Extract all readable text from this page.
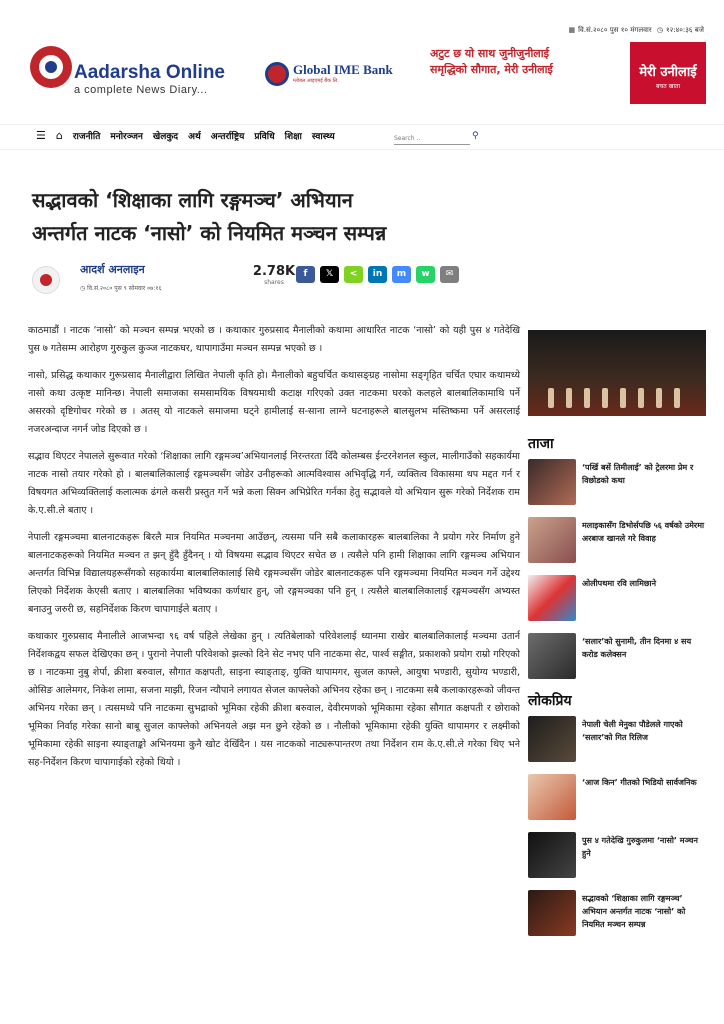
▦ वि.सं.२०८० पुस १० मंगलवार ◷ १२:४०:३६ बजे
Aadarsha Online
a complete News Diary...
Global IME Bank
ग्लोबल आइएमई बैंक लि.
अटुट छ यो साथ जुनीजुनीलाई
समृद्धिको सौगात, मेरी उनीलाई	मेरी उनीलाई
बचत खाता
☰ ⌂ राजनीति मनोरञ्जन खेलकुद अर्थ अन्तर्राष्ट्रिय प्रविधि शिक्षा स्वास्थ्य	Search ..	⚲
सद्भावको ‘शिक्षाका लागि रङ्गमञ्च’ अभियान
अन्तर्गत नाटक ‘नासो’ को नियमित मञ्चन सम्पन्न
आदर्श अनलाइन
◷ वि.सं.२०८० पुस ९ सोमवार ०७:१६
2.78K
shares
f	𝕏	<	in	m	w	✉

काठमाडौं । नाटक ‘नासो’ को मञ्चन सम्पन्न भएको छ । कथाकार गुरुप्रसाद मैनालीको कथामा आधारित नाटक ‘नासो’ को यही पुस ४ गतेदेखि पुस ७ गतेसम्म आरोहण गुरुकुल कुञ्ज नाटकघर, थापागाउँमा मञ्चन सम्पन्न भएको छ ।

नासो, प्रसिद्ध कथाकार गुरूप्रसाद मैनालीद्वारा लिखित नेपाली कृति हो। मैनालीको बहुचर्चित कथासङ्ग्रह नासोमा सङ्गृहित चर्चित एघार कथामध्ये नासो कथा उत्कृष्ट मानिन्छ। नेपाली समाजका समसामयिक विषयमाथी कटाक्ष गरिएको उक्त नाटकमा घरको कलहले बालबालिकामाथि पर्ने असरको दृष्टिगोचर गरेको छ । अतस् यो नाटकले समाजमा घट्ने हामीलाई स-साना लाग्ने घटनाहरूले बालसुलभ मस्तिष्कमा पर्ने असरलाई नजरअन्दाज नगर्न जोड दिएको छ ।

सद्भाव थिएटर नेपालले सुरूवात गरेको ‘शिक्षाका लागि रङ्गमञ्च’अभियानलाई निरन्तरता दिँदै कोलम्बस ईन्टरनेशनल स्कुल, मालीगाउँको सहकार्यमा नाटक नासो तयार गरेको हो । बालबालिकालाई रङ्गमञ्चसँग जोडेर उनीहरूको आत्मविश्वास अभिवृद्धि गर्न, व्यक्तित्व विकासमा थप मद्दत गर्न र विषयगत अभिव्यक्तिलाई कलात्मक ढंगले कसरी प्रस्तुत गर्ने भन्ने कला सिक्न अभिप्रेरित गर्नका हेतु सद्भावले यो अभियान सुरू गरेको निर्देशक राम के.ए.सी.ले बताए ।

नेपाली रङ्गमञ्चमा बालनाटकहरू बिरलै मात्र नियमित मञ्चनमा आउँछन्, त्यसमा पनि सबै कलाकारहरू बालबालिका नै प्रयोग गरेर निर्माण हुने बालनाटकहरूको नियमित मञ्चन त झन् हुँदै हुँदैनन् । यो विषयमा सद्भाव थिएटर सचेत छ । त्यसैले पनि हामी शिक्षाका लागि रङ्गमञ्च अभियान अन्तर्गत विभिन्न विद्यालयहरूसँगको सहकार्यमा बालबालिकालाई सिधै रङ्गमञ्चसँग जोडेर बालनाटकहरू पनि रङ्गमञ्चमा नियमित मञ्चन गर्ने उद्देश्य लिएको निर्देशक केएसी बताए । बालबालिका भविष्यका कर्णधार हुन्, जो रङ्गमञ्चका पनि हुन् । त्यसैले बालबालिकालाई रङ्गमञ्चसँग अभ्यस्त बनाउनु जरुरी छ, सहनिर्देशक किरण चापागाईले बताए ।

कथाकार गुरुप्रसाद मैनालीले आजभन्दा ९६ वर्ष पहिले लेखेका हुन् । त्यतिबेलाको परिवेशलाई ध्यानमा राखेर बालबालिकालाई मञ्चमा उतार्न निर्देशकद्वय सफल देखिएका छन् । पुरानो नेपाली परिवेशको झल्को दिने सेट नभए पनि नाटकमा सेट, पार्श्व सङ्गीत, प्रकाशको प्रयोग राम्रो गरिएको छ । नाटकमा नुबु शेर्पा, क्रीशा बरुवाल, सौगात कक्षपती, साइना स्याङ्ताङ्, युक्ति थापामगर, सुजल काफ्ले, आयुषा भण्डारी, सुयोग्य भण्डारी, ओसिङ आलेमगर, निकेश लामा, सजना माझी, रिजन न्यौपाने लगायत सेजल काफ्लेको अभिनय रहेका छन् । नाटकमा सबै कलाकारहरूको जीवन्त अभिनय गरेका छन् । त्यसमध्ये पनि नाटकमा सुभद्राको भूमिका रहेकी क्रीशा बरुवाल, देवीरमणको भूमिकामा रहेका सौगात कक्षपती र छोराको भूमिका निर्वाह गरेका सानो बाबू सुजल काफ्लेको अभिनयले अझ मन छुने रहेको छ । नौलीको भूमिकामा रहेकी युक्ति थापामगर र लक्ष्मीको भूमिकामा रहेकी साइना स्याङ्ताङ्को अभिनयमा कुनै खोट देखिँदैन । यस नाटकको नाट्यरूपान्तरण तथा निर्देशन राम के.ए.सी.ले गरेका थिए भने सह-निर्देशन किरण चापागाईको रहेको थियो ।

ताजा
‘पर्खि बसें तिमीलाई’ को ट्रेलरमा प्रेम र विछोडको कथा
मलाइकासँग डिभोर्सपछि ५६ वर्षको उमेरमा अरबाज खानले गरे विवाह
ओलीपथमा रवि लामिछाने
‘सलार’को सुनामी, तीन दिनमा ४ सय करोड कलेक्सन
लोकप्रिय
नेपाली चेली मेनुका पौडेलले गाएको ‘सलार’को गित रिलिज
‘आज किन’ गीतको भिडियो सार्वजनिक
पुस ४ गतेदेखि गुरुकुलमा ‘नासो’ मञ्चन हुने
सद्भावको ‘शिक्षाका लागि रङ्गमञ्च’ अभियान अन्तर्गत नाटक ‘नासो’ को नियमित मञ्चन सम्पन्न
